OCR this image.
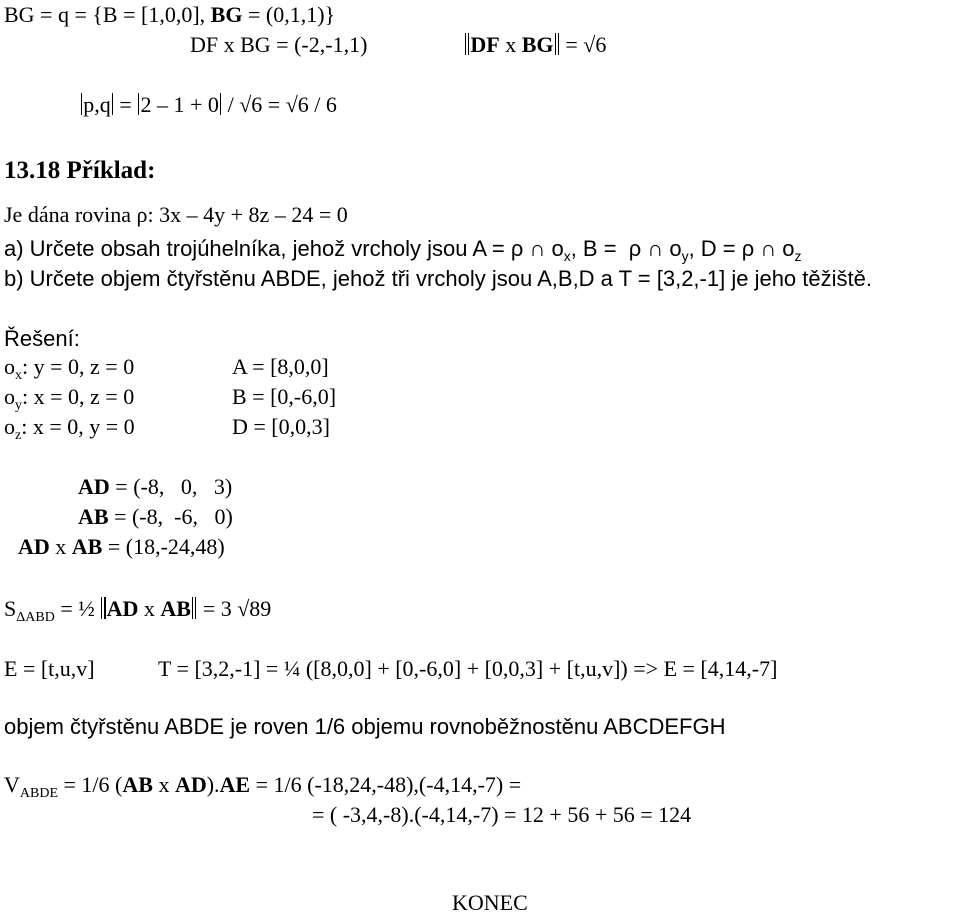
BG = q = {B = [1,0,0], BG = (0,1,1)}
DF x BG = (-2,-1,1)	DF x BG = √6
p,q = 2 – 1 + 0 / √6 = √6 / 6
13.18 Příklad:
Je dána rovina ρ: 3x – 4y + 8z – 24 = 0
a) Určete obsah trojúhelníka, jehož vrcholy jsou A = ρ ∩ $o_x$, B =  ρ ∩ $o_y$, D = ρ ∩ $o_z$
b) Určete objem čtyřstěnu ABDE, jehož tři vrcholy jsou A,B,D a T = [3,2,-1] je jeho těžiště.
Řešení:
$o_x$: y = 0, z = 0	A = [8,0,0]
$o_y$: x = 0, z = 0	B = [0,-6,0]
$o_z$: x = 0, y = 0	D = [0,0,3]
AD = (-8,   0,   3)
AB = (-8,  -6,   0)
AD x AB = (18,-24,48)
$S_{\Delta ABD}$ = ½ AD x AB = 3 √89
E = [t,u,v]	T = [3,2,-1] = ¼ ([8,0,0] + [0,-6,0] + [0,0,3] + [t,u,v]) => E = [4,14,-7]
objem čtyřstěnu ABDE je roven 1/6 objemu rovnoběžnostěnu ABCDEFGH
$V_{ABDE} = 1/6$ (AB x AD).AE = 1/6 (-18,24,-48),(-4,14,-7) =
= ( -3,4,-8).(-4,14,-7) = 12 + 56 + 56 = 124
KONEC
